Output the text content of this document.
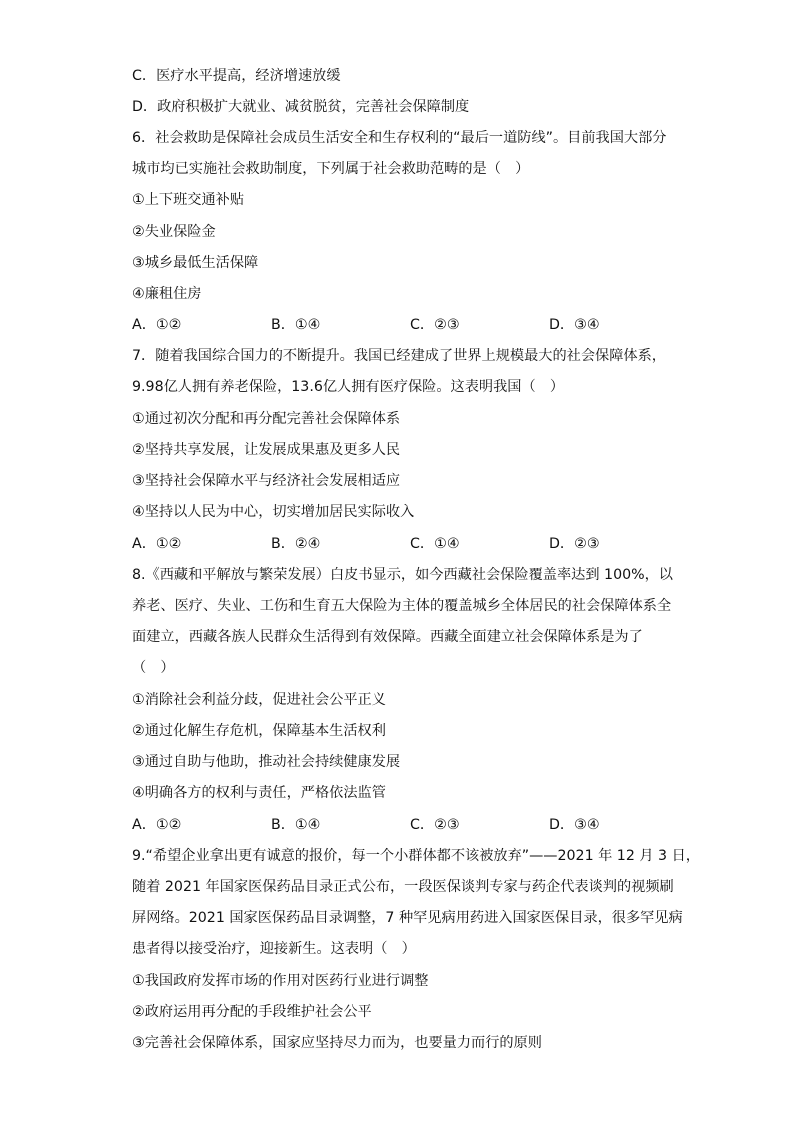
C．医疗水平提高，经济增速放缓
D．政府积极扩大就业、减贫脱贫，完善社会保障制度
6．社会救助是保障社会成员生活安全和生存权利的“最后一道防线”。目前我国大部分
城市均已实施社会救助制度，下列属于社会救助范畴的是（　）
①上下班交通补贴
②失业保险金
③城乡最低生活保障
④廉租住房
A．①②	B．①④	C．②③	D．③④
7．随着我国综合国力的不断提升。我国已经建成了世界上规模最大的社会保障体系，
9.98亿人拥有养老保险，13.6亿人拥有医疗保险。这表明我国（　）
①通过初次分配和再分配完善社会保障体系
②坚持共享发展，让发展成果惠及更多人民
③坚持社会保障水平与经济社会发展相适应
④坚持以人民为中心，切实增加居民实际收入
A．①②	B．②④	C．①④	D．②③
8.《西藏和平解放与繁荣发展）白皮书显示，如今西藏社会保险覆盖率达到 100%，以
养老、医疗、失业、工伤和生育五大保险为主体的覆盖城乡全体居民的社会保障体系全
面建立，西藏各族人民群众生活得到有效保障。西藏全面建立社会保障体系是为了
（　）
①消除社会利益分歧，促进社会公平正义
②通过化解生存危机，保障基本生活权利
③通过自助与他助，推动社会持续健康发展
④明确各方的权利与责任，严格依法监管
A．①②	B．①④	C．②③	D．③④
9.“希望企业拿出更有诚意的报价，每一个小群体都不该被放弃”——2021 年 12 月 3 日，
随着 2021 年国家医保药品目录正式公布，一段医保谈判专家与药企代表谈判的视频刷
屏网络。2021 国家医保药品目录调整，7 种罕见病用药进入国家医保目录，很多罕见病
患者得以接受治疗，迎接新生。这表明（　）
①我国政府发挥市场的作用对医药行业进行调整
②政府运用再分配的手段维护社会公平
③完善社会保障体系，国家应坚持尽力而为，也要量力而行的原则
